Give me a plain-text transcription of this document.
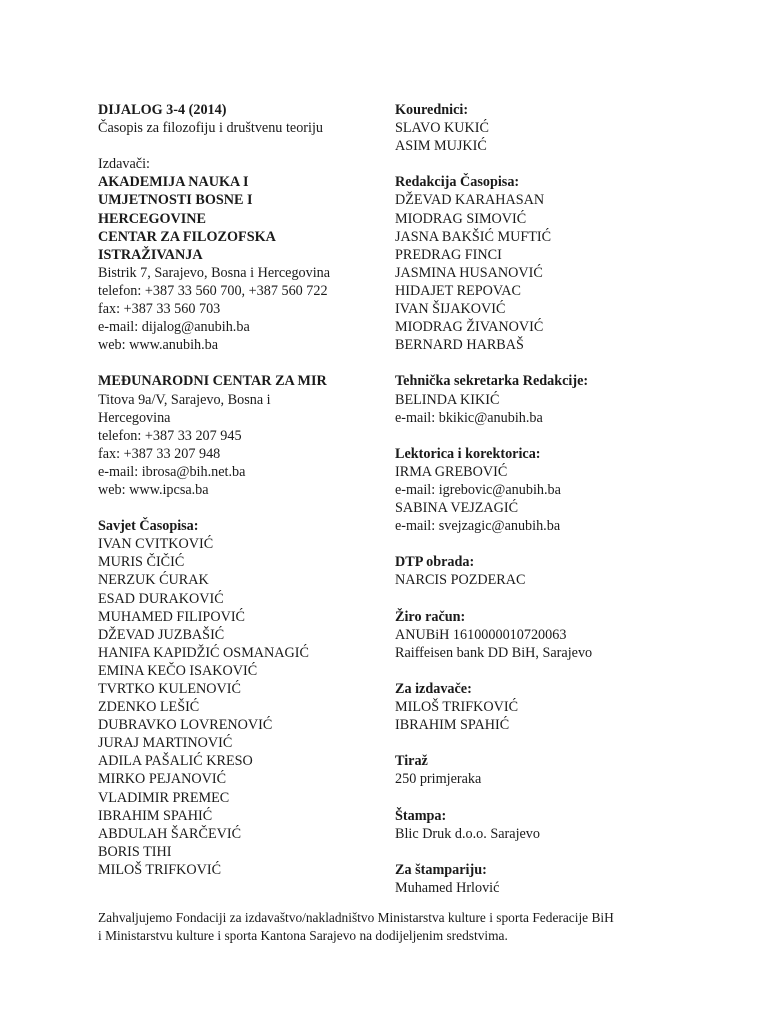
DIJALOG 3-4 (2014)
Časopis za filozofiju i društvenu teoriju
Izdavači:
AKADEMIJA NAUKA I
UMJETNOSTI BOSNE I
HERCEGOVINE
CENTAR ZA FILOZOFSKA
ISTRAŽIVANJA
Bistrik 7, Sarajevo, Bosna i Hercegovina
telefon: +387 33 560 700, +387 560 722
fax: +387 33 560 703
e-mail: dijalog@anubih.ba
web: www.anubih.ba
MEĐUNARODNI CENTAR ZA MIR
Titova 9a/V, Sarajevo, Bosna i
Hercegovina
telefon: +387 33 207 945
fax: +387 33 207 948
e-mail: ibrosa@bih.net.ba
web: www.ipcsa.ba
Savjet Časopisa:
IVAN CVITKOVIĆ
MURIS ČIČIĆ
NERZUK ĆURAK
ESAD DURAKOVIĆ
MUHAMED FILIPOVIĆ
DŽEVAD JUZBAŠIĆ
HANIFA KAPIDŽIĆ OSMANAGIĆ
EMINA KEČO ISAKOVIĆ
TVRTKO KULENOVIĆ
ZDENKO LEŠIĆ
DUBRAVKO LOVRENOVIĆ
JURAJ MARTINOVIĆ
ADILA PAŠALIĆ KRESO
MIRKO PEJANOVIĆ
VLADIMIR PREMEC
IBRAHIM SPAHIĆ
ABDULAH ŠARČEVIĆ
BORIS TIHI
MILOŠ TRIFKOVIĆ
Kourednici:
SLAVO KUKIĆ
ASIM MUJKIĆ
Redakcija Časopisa:
DŽEVAD KARAHASAN
MIODRAG SIMOVIĆ
JASNA BAKŠIĆ MUFTIĆ
PREDRAG FINCI
JASMINA HUSANOVIĆ
HIDAJET REPOVAC
IVAN ŠIJAKOVIĆ
MIODRAG ŽIVANOVIĆ
BERNARD HARBAŠ
Tehnička sekretarka Redakcije:
BELINDA KIKIĆ
e-mail: bkikic@anubih.ba
Lektorica i korektorica:
IRMA GREBOVIĆ
e-mail: igrebovic@anubih.ba
SABINA VEJZAGIĆ
e-mail: svejzagic@anubih.ba
DTP obrada:
NARCIS POZDERAC
Žiro račun:
ANUBiH 1610000010720063
Raiffeisen bank DD BiH, Sarajevo
Za izdavače:
MILOŠ TRIFKOVIĆ
IBRAHIM SPAHIĆ
Tiraž
250 primjeraka
Štampa:
Blic Druk d.o.o. Sarajevo
Za štampariju:
Muhamed Hrlović
Zahvaljujemo Fondaciji za izdavaštvo/nakladništvo Ministarstva kulture i sporta Federacije BiH
i Ministarstvu kulture i sporta Kantona Sarajevo na dodijeljenim sredstvima.
